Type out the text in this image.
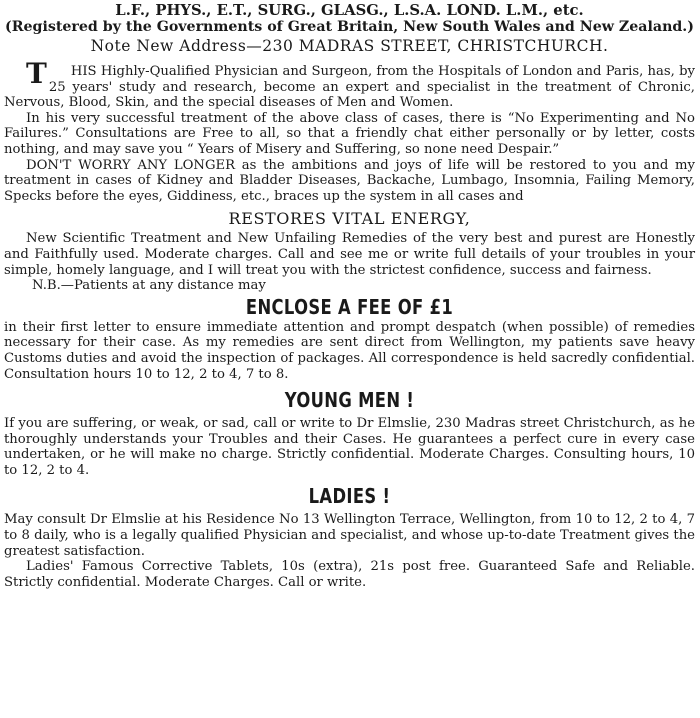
L.F., PHYS., E.T., SURG., GLASG., L.S.A. LOND. L.M., etc.
(Registered by the Governments of Great Britain, New South Wales and New Zealand.)
Note New Address—230 MADRAS STREET, CHRISTCHURCH.

THIS Highly-Qualified Physician and Surgeon, from the Hospitals of London and Paris, has, by 25 years' study and research, become an expert and specialist in the treatment of Chronic, Nervous, Blood, Skin, and the special diseases of Men and Women.

In his very successful treatment of the above class of cases, there is “No Experimenting and No Failures.” Consultations are Free to all, so that a friendly chat either personally or by letter, costs nothing, and may save you “ Years of Misery and Suffering, so none need Despair.”

DON'T WORRY ANY LONGER as the ambitions and joys of life will be restored to you and my treatment in cases of Kidney and Bladder Diseases, Backache, Lumbago, Insomnia, Failing Memory, Specks before the eyes, Giddiness, etc., braces up the system in all cases and

RESTORES VITAL ENERGY,

New Scientific Treatment and New Unfailing Remedies of the very best and purest are Honestly and Faithfully used. Moderate charges. Call and see me or write full details of your troubles in your simple, homely language, and I will treat you with the strictest confidence, success and fairness.

N.B.—Patients at any distance may

ENCLOSE A FEE OF £1

in their first letter to ensure immediate attention and prompt despatch (when possible) of remedies necessary for their case. As my remedies are sent direct from Wellington, my patients save heavy Customs duties and avoid the inspection of packages. All correspondence is held sacredly confidential. Consultation hours 10 to 12, 2 to 4, 7 to 8.

YOUNG MEN !

If you are suffering, or weak, or sad, call or write to Dr Elmslie, 230 Madras street Christchurch, as he thoroughly understands your Troubles and their Cases. He guarantees a perfect cure in every case undertaken, or he will make no charge. Strictly confidential. Moderate Charges. Consulting hours, 10 to 12, 2 to 4.

LADIES !

May consult Dr Elmslie at his Residence No 13 Wellington Terrace, Wellington, from 10 to 12, 2 to 4, 7 to 8 daily, who is a legally qualified Physician and specialist, and whose up-to-date Treatment gives the greatest satisfaction.

Ladies' Famous Corrective Tablets, 10s (extra), 21s post free. Guaranteed Safe and Reliable. Strictly confidential. Moderate Charges. Call or write.
